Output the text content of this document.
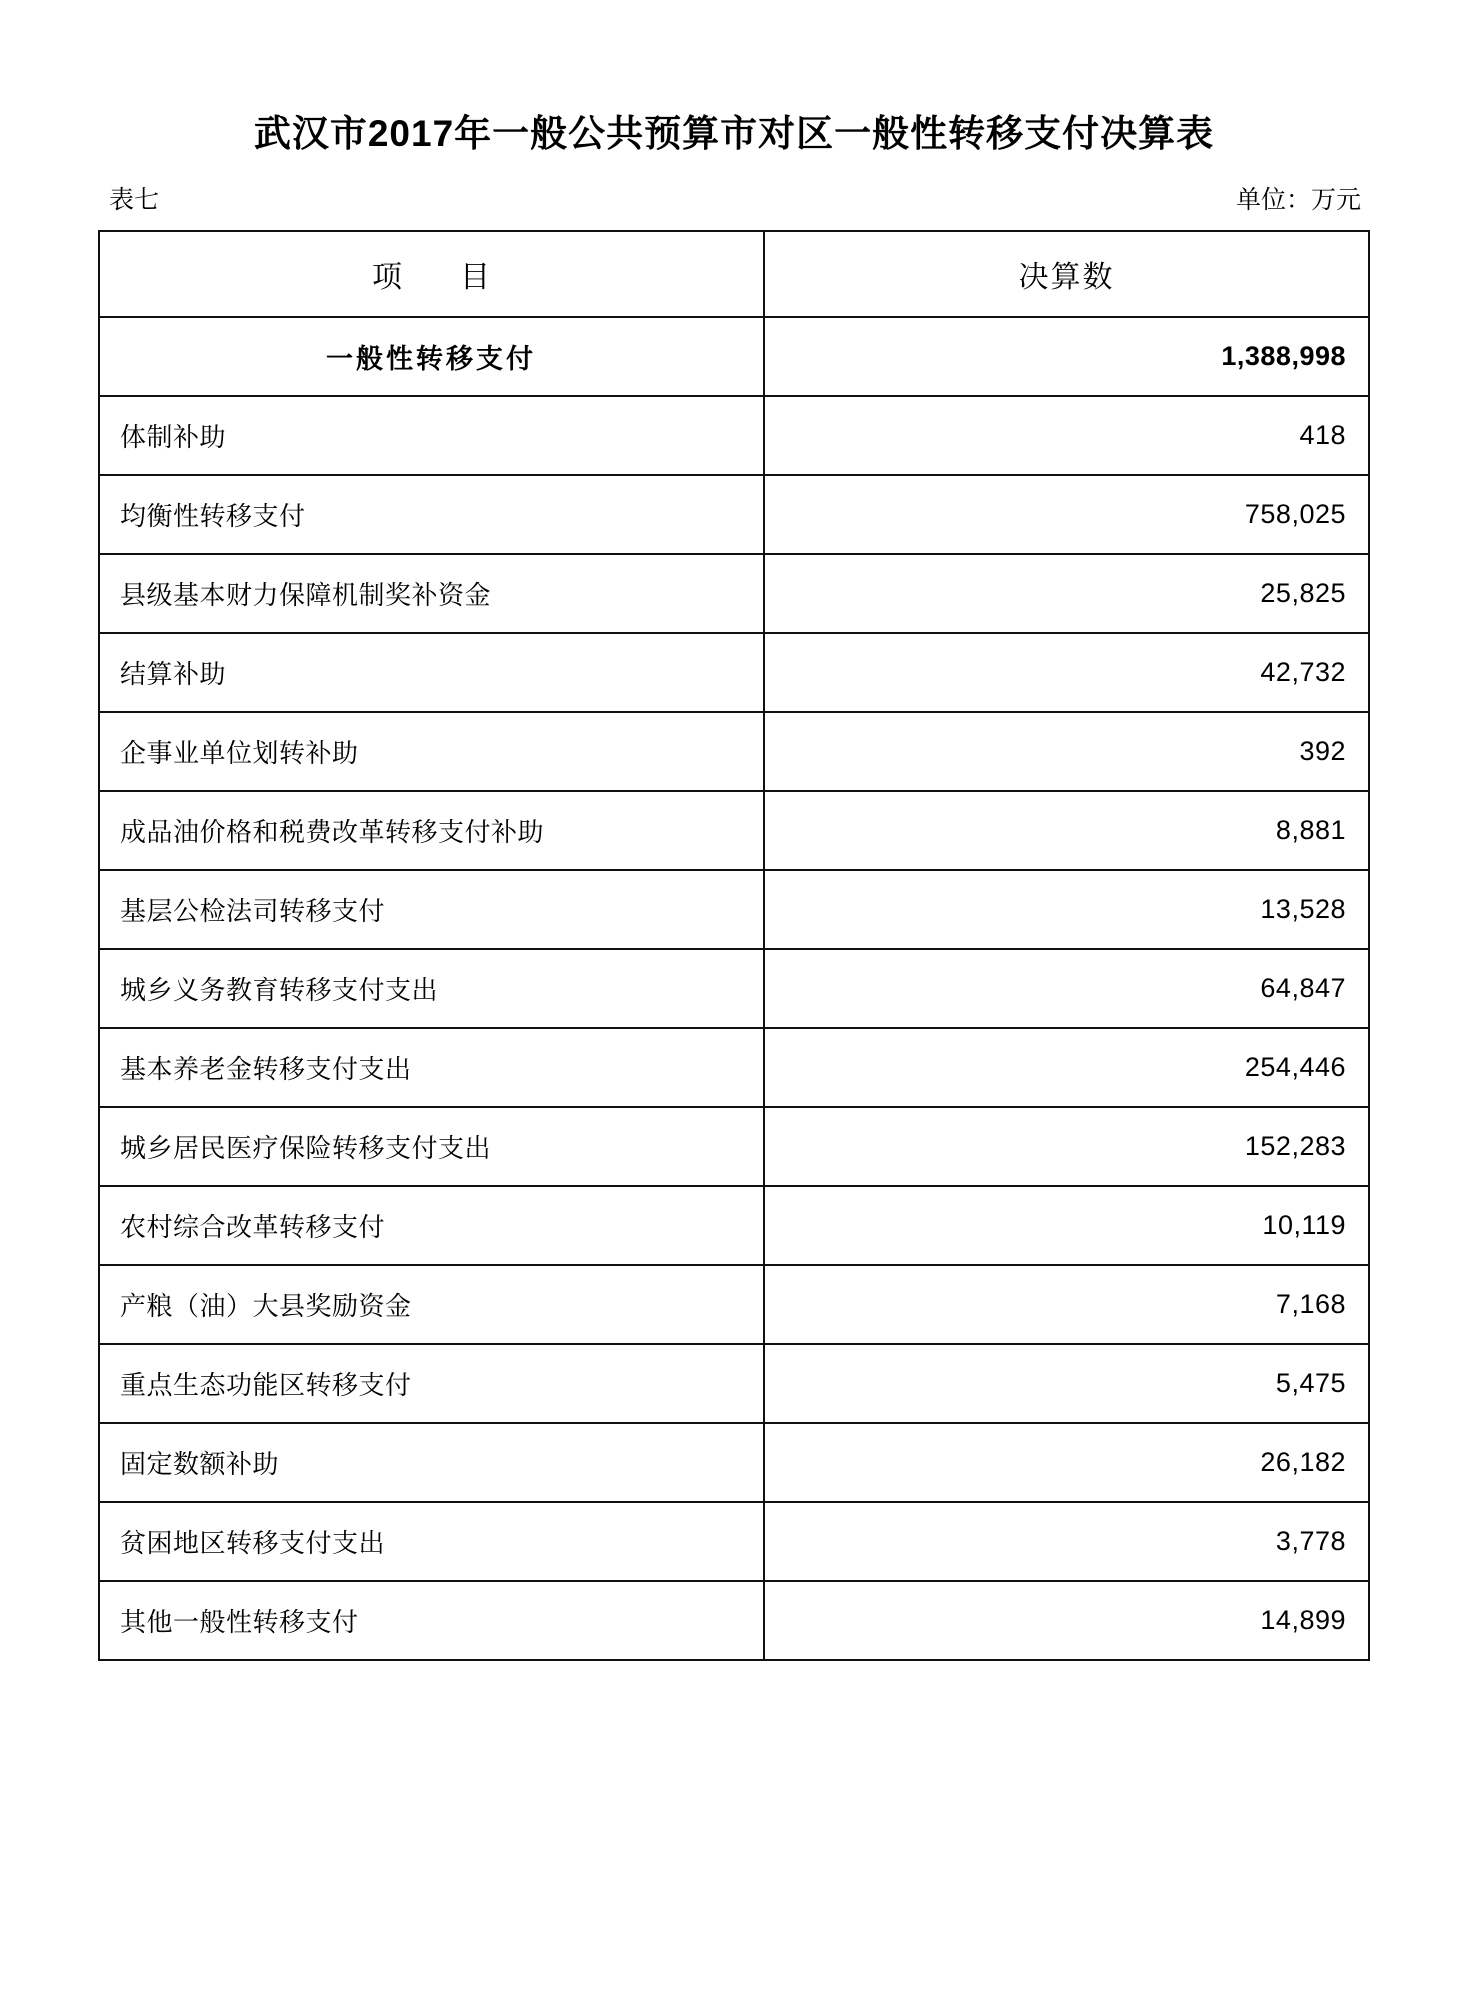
武汉市2017年一般公共预算市对区一般性转移支付决算表
表七	单位：万元
项　目	决算数
一般性转移支付	1,388,998
体制补助	418
均衡性转移支付	758,025
县级基本财力保障机制奖补资金	25,825
结算补助	42,732
企事业单位划转补助	392
成品油价格和税费改革转移支付补助	8,881
基层公检法司转移支付	13,528
城乡义务教育转移支付支出	64,847
基本养老金转移支付支出	254,446
城乡居民医疗保险转移支付支出	152,283
农村综合改革转移支付	10,119
产粮（油）大县奖励资金	7,168
重点生态功能区转移支付	5,475
固定数额补助	26,182
贫困地区转移支付支出	3,778
其他一般性转移支付	14,899
